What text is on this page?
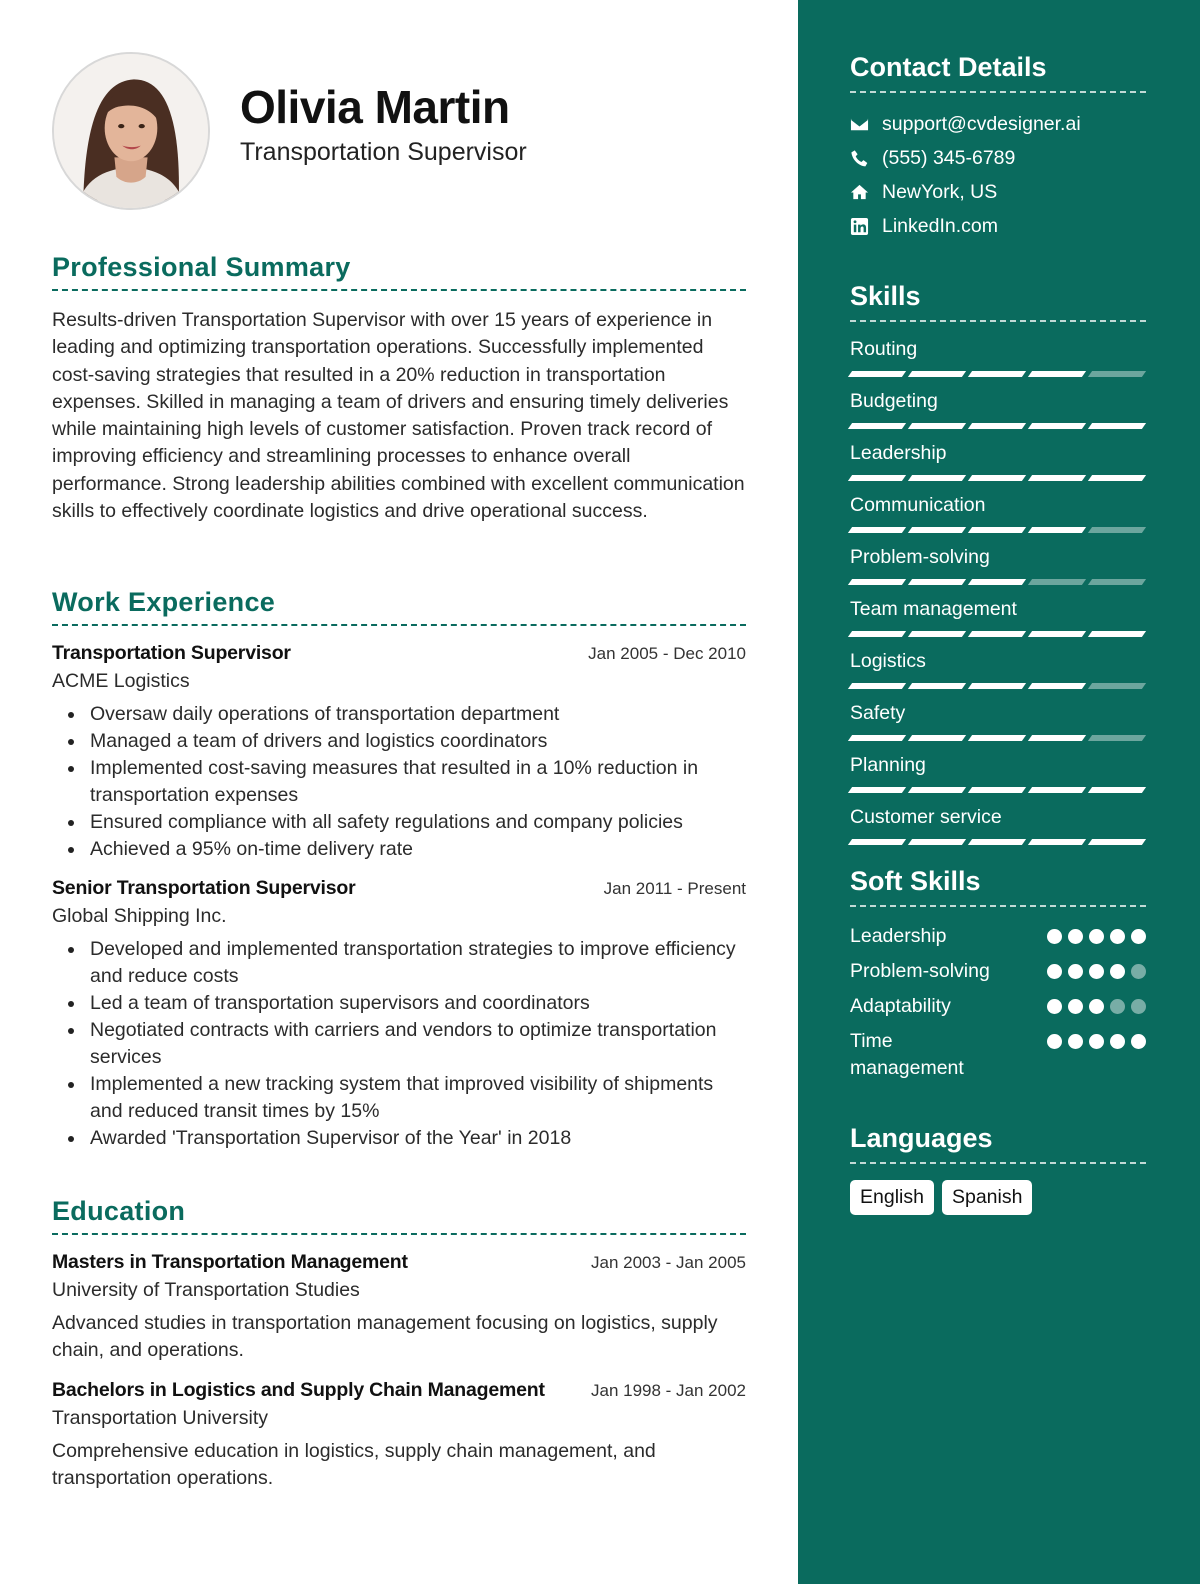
Olivia Martin
Transportation Supervisor
Professional Summary

Results-driven Transportation Supervisor with over 15 years of experience in leading and optimizing transportation operations. Successfully implemented cost-saving strategies that resulted in a 20% reduction in transportation expenses. Skilled in managing a team of drivers and ensuring timely deliveries while maintaining high levels of customer satisfaction. Proven track record of improving efficiency and streamlining processes to enhance overall performance. Strong leadership abilities combined with excellent communication skills to effectively coordinate logistics and drive operational success.

Work Experience
Transportation Supervisor	Jan 2005 - Dec 2010
ACME Logistics
Oversaw daily operations of transportation department
Managed a team of drivers and logistics coordinators
Implemented cost-saving measures that resulted in a 10% reduction in transportation expenses
Ensured compliance with all safety regulations and company policies
Achieved a 95% on-time delivery rate
Senior Transportation Supervisor	Jan 2011 - Present
Global Shipping Inc.
Developed and implemented transportation strategies to improve efficiency and reduce costs
Led a team of transportation supervisors and coordinators
Negotiated contracts with carriers and vendors to optimize transportation services
Implemented a new tracking system that improved visibility of shipments and reduced transit times by 15%
Awarded 'Transportation Supervisor of the Year' in 2018
Education
Masters in Transportation Management	Jan 2003 - Jan 2005
University of Transportation Studies

Advanced studies in transportation management focusing on logistics, supply chain, and operations.

Bachelors in Logistics and Supply Chain Management	Jan 1998 - Jan 2002
Transportation University

Comprehensive education in logistics, supply chain management, and transportation operations.

Contact Details
support@cvdesigner.ai
(555) 345-6789
NewYork, US
LinkedIn.com
Skills
Routing
Budgeting
Leadership
Communication
Problem-solving
Team management
Logistics
Safety
Planning
Customer service
Soft Skills
Leadership
Problem-solving
Adaptability
Time management
Languages
English	Spanish
